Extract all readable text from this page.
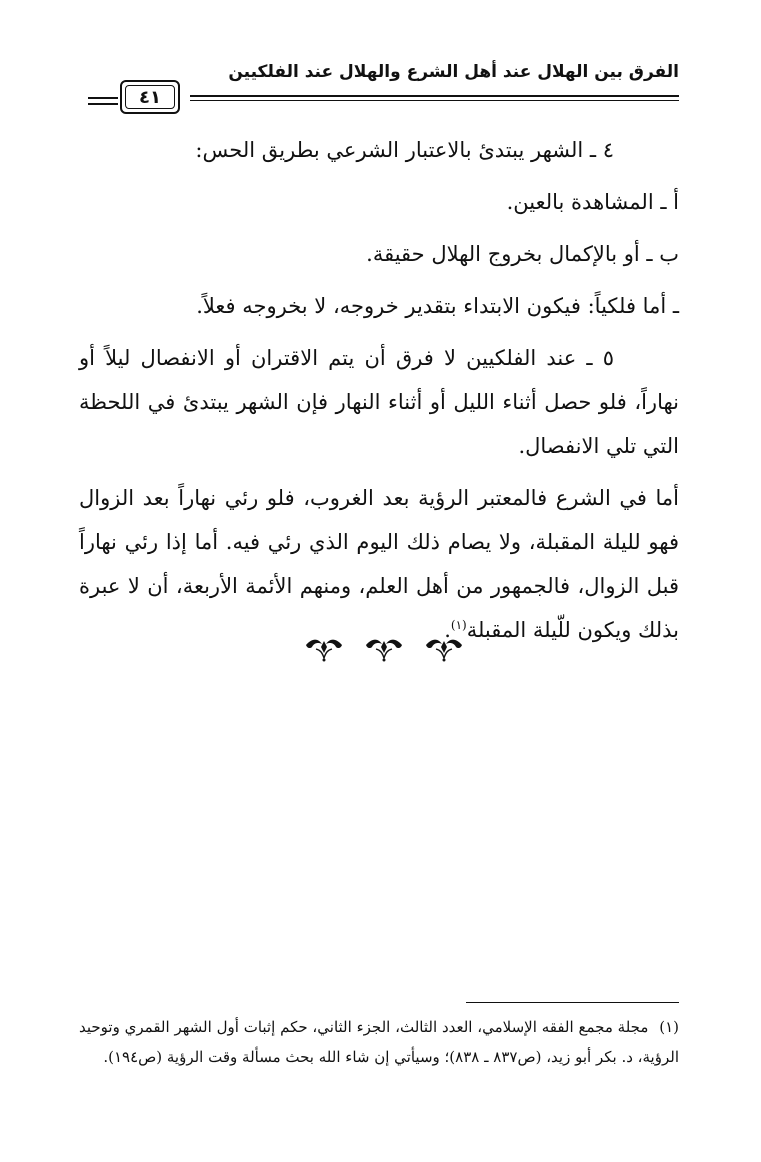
الفرق بين الهلال عند أهل الشرع والهلال عند الفلكيين
٤١

٤ ـ الشهر يبتدئ بالاعتبار الشرعي بطريق الحس:

أ ـ المشاهدة بالعين.

ب ـ أو بالإكمال بخروج الهلال حقيقة.

ـ أما فلكياً: فيكون الابتداء بتقدير خروجه، لا بخروجه فعلاً.

٥ ـ عند الفلكيين لا فرق أن يتم الاقتران أو الانفصال ليلاً أو نهاراً، فلو حصل أثناء الليل أو أثناء النهار فإن الشهر يبتدئ في اللحظة التي تلي الانفصال.

أما في الشرع فالمعتبر الرؤية بعد الغروب، فلو رئي نهاراً بعد الزوال فهو لليلة المقبلة، ولا يصام ذلك اليوم الذي رئي فيه. أما إذا رئي نهاراً قبل الزوال، فالجمهور من أهل العلم، ومنهم الأئمة الأربعة، أن لا عبرة بذلك ويكون للّيلة المقبلة$^{(١)}$.

(١) مجلة مجمع الفقه الإسلامي، العدد الثالث، الجزء الثاني، حكم إثبات أول الشهر القمري وتوحيد الرؤية، د. بكر أبو زيد، (ص٨٣٧ ـ ٨٣٨)؛ وسيأتي إن شاء الله بحث مسألة وقت الرؤية (ص١٩٤).
